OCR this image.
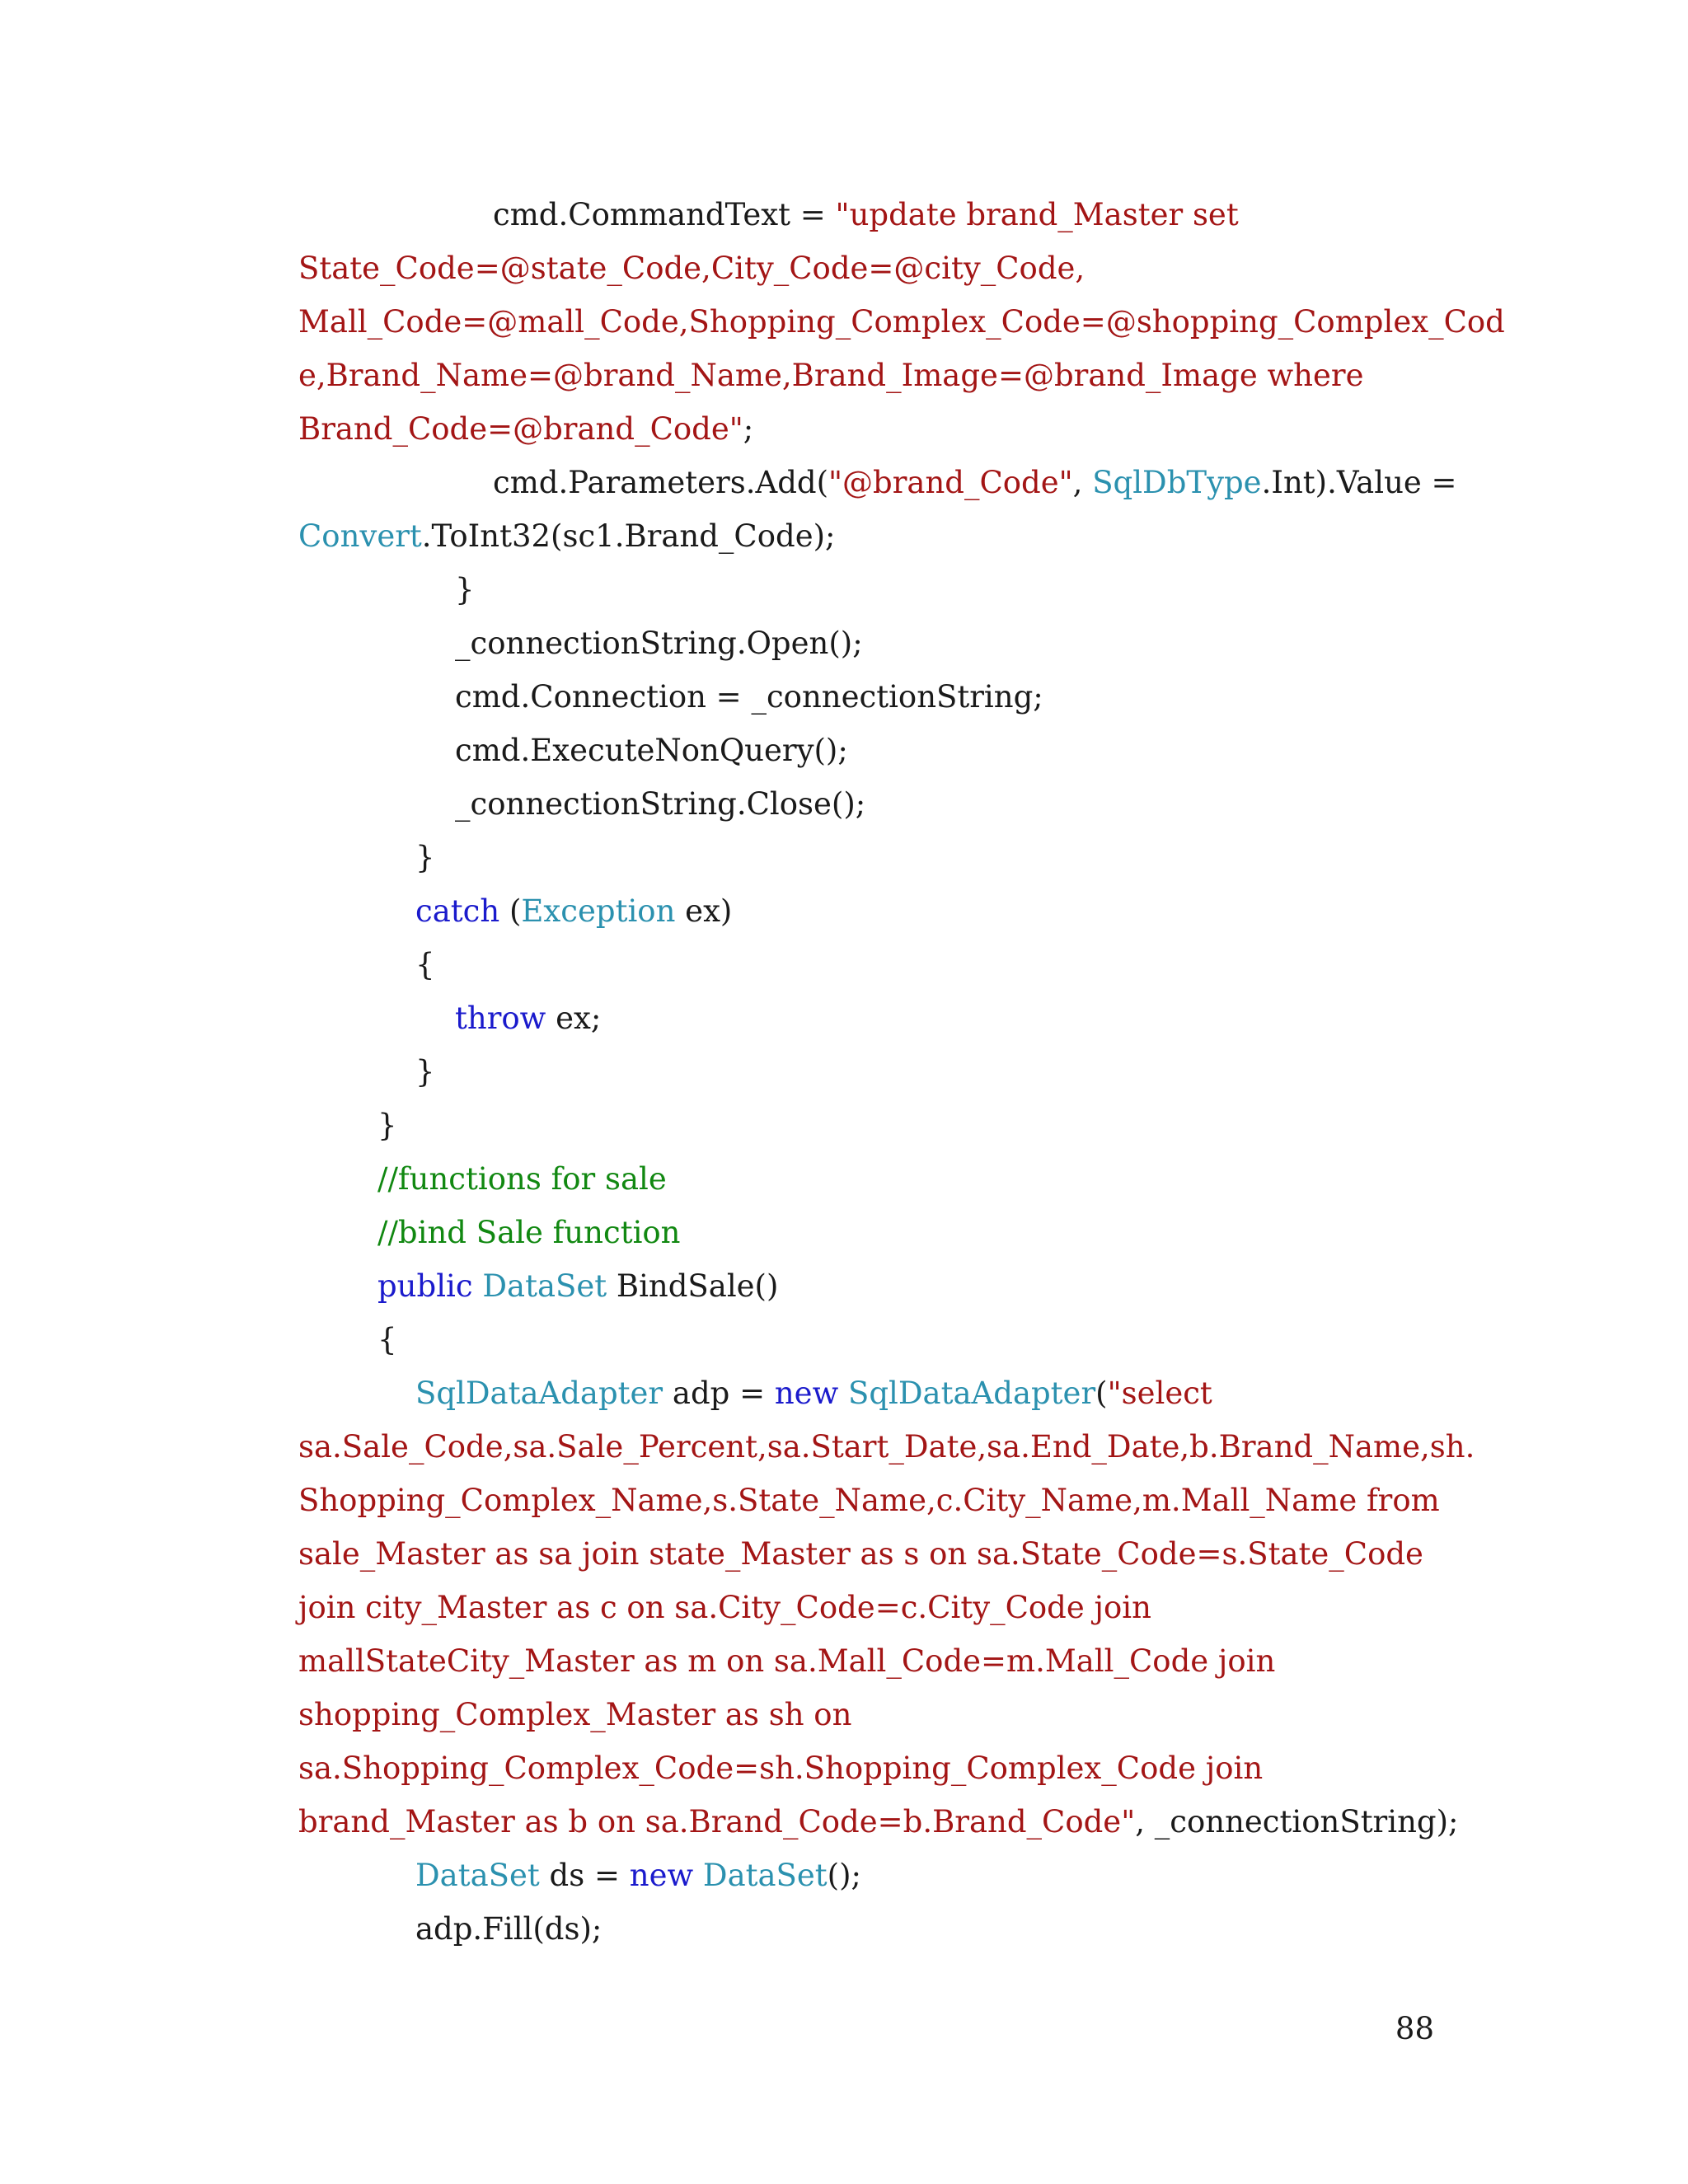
cmd.CommandText = "update brand_Master set
State_Code=@state_Code,City_Code=@city_Code,
Mall_Code=@mall_Code,Shopping_Complex_Code=@shopping_Complex_Cod
e,Brand_Name=@brand_Name,Brand_Image=@brand_Image where
Brand_Code=@brand_Code";
cmd.Parameters.Add("@brand_Code", SqlDbType.Int).Value =
Convert.ToInt32(sc1.Brand_Code);
}
_connectionString.Open();
cmd.Connection = _connectionString;
cmd.ExecuteNonQuery();
_connectionString.Close();
}
catch (Exception ex)
{
throw ex;
}
}
//functions for sale
//bind Sale function
public DataSet BindSale()
{
SqlDataAdapter adp = new SqlDataAdapter("select
sa.Sale_Code,sa.Sale_Percent,sa.Start_Date,sa.End_Date,b.Brand_Name,sh.
Shopping_Complex_Name,s.State_Name,c.City_Name,m.Mall_Name from
sale_Master as sa join state_Master as s on sa.State_Code=s.State_Code
join city_Master as c on sa.City_Code=c.City_Code join
mallStateCity_Master as m on sa.Mall_Code=m.Mall_Code join
shopping_Complex_Master as sh on
sa.Shopping_Complex_Code=sh.Shopping_Complex_Code join
brand_Master as b on sa.Brand_Code=b.Brand_Code", _connectionString);
DataSet ds = new DataSet();
adp.Fill(ds);
88
